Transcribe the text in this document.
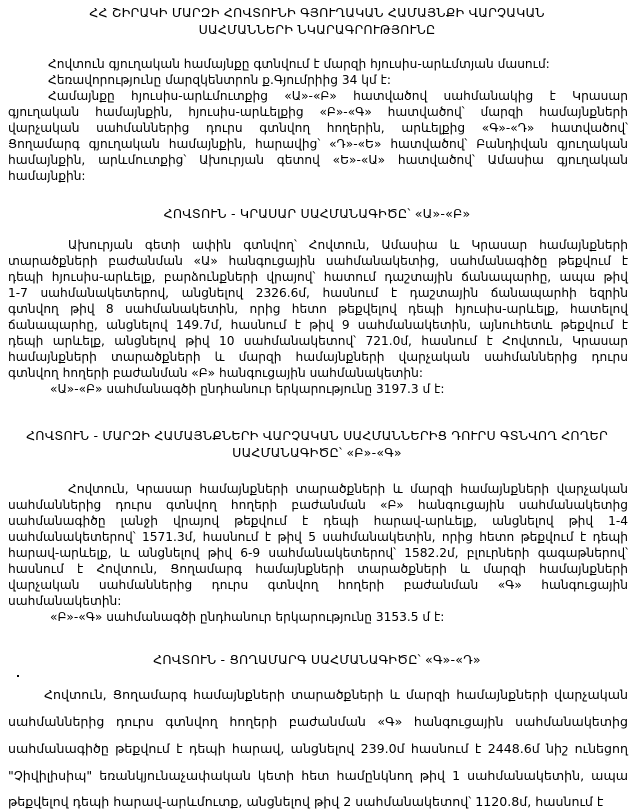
ՀՀ ՇԻՐԱԿԻ ՄԱՐԶԻ ՀՈՎՏՈՒՆԻ ԳՅՈՒՂԱԿԱՆ ՀԱՄԱՅՆՔԻ ՎԱՐՉԱԿԱՆ
ՍԱՀՄԱՆՆԵՐԻ ՆԿԱՐԱԳՐՈՒԹՅՈՒՆԸ
Հովտուն գյուղական համայնքը գտնվում է մարզի հյուսիս-արևմտյան մասում:
Հեռավորությունը մարզկենտրոն ք.Գյումրիից 34 կմ է:
Համայնքը հյուսիս-արևմուտքից «Ա»-«Բ» հատվածով սահմանակից է Կրասար
գյուղական համայնքին, հյուսիս-արևելքից «Բ»-«Գ» հատվածով՝ մարզի համայնքների
վարչական սահմաններից դուրս գտնվող հողերին, արևելքից «Գ»-«Դ» հատվածով՝
Ցողամարգ գյուղական համայնքին, հարավից՝ «Դ»-«Ե» հատվածով՝ Բանդիվան գյուղական
համայնքին, արևմուտքից՝ Ախուրյան գետով «Ե»-«Ա» հատվածով՝ Ամասիա գյուղական
համայնքին:
ՀՈՎՏՈՒՆ - ԿՐԱՍԱՐ ՍԱՀՄԱՆԱԳԻԾԸ՝ «Ա»-«Բ»
Ախուրյան գետի ափին գտնվող՝ Հովտուն, Ամասիա և Կրասար համայնքների
տարածքների բաժանման «Ա» հանգուցային սահմանակետից, սահմանագիծը թեքվում է
դեպի հյուսիս-արևելք, բարձունքների վրայով՝ հատում դաշտային ճանապարհը, ապա թիվ
1-7 սահմանակետերով, անցնելով 2326.6մ, հասնում է դաշտային ճանապարհի եզրին
գտնվող թիվ 8 սահմանակետին, որից հետո թեքվելով դեպի հյուսիս-արևելք, հատելով
ճանապարհը, անցնելով 149.7մ, հասնում է թիվ 9 սահմանակետին, այնուհետև թեքվում է
դեպի արևելք, անցնելով թիվ 10 սահմանակետով՝ 721.0մ, հասնում է Հովտուն, Կրասար
համայնքների տարածքների և մարզի համայնքների վարչական սահմաններից դուրս
գտնվող հողերի բաժանման «Բ» հանգուցային սահմանակետին:
«Ա»-«Բ» սահմանագծի ընդհանուր երկարությունը 3197.3 մ է:
ՀՈՎՏՈՒՆ - ՄԱՐԶԻ ՀԱՄԱՅՆՔՆԵՐԻ ՎԱՐՉԱԿԱՆ ՍԱՀՄԱՆՆԵՐԻՑ ԴՈՒՐՍ ԳՏՆՎՈՂ ՀՈՂԵՐ
ՍԱՀՄԱՆԱԳԻԾԸ՝ «Բ»-«Գ»
Հովտուն, Կրասար համայնքների տարածքների և մարզի համայնքների վարչական
սահմաններից դուրս գտնվող հողերի բաժանման «Բ» հանգուցային սահմանակետից
սահմանագիծը լանջի վրայով թեքվում է դեպի հարավ-արևելք, անցնելով թիվ 1-4
սահմանակետերով՝ 1571.3մ, հասնում է թիվ 5 սահմանակետին, որից հետո թեքվում է դեպի
հարավ-արևելք, և անցնելով թիվ 6-9 սահմանակետերով՝ 1582.2մ, բլուրների գագաթներով՝
հասնում է Հովտուն, Ցողամարգ համայնքների տարածքների և մարզի համայնքների
վարչական սահմաններից դուրս գտնվող հողերի բաժանման «Գ» հանգուցային
սահմանակետին:
«Բ»-«Գ» սահմանագծի ընդհանուր երկարությունը 3153.5 մ է:
ՀՈՎՏՈՒՆ - ՑՈՂԱՄԱՐԳ ՍԱՀՄԱՆԱԳԻԾԸ՝ «Գ»-«Դ»
Հովտուն, Ցողամարգ համայնքների տարածքների և մարզի համայնքների վարչական
սահմաններից դուրս գտնվող հողերի բաժանման «Գ» հանգուցային սահմանակետից
սահմանագիծը թեքվում է դեպի հարավ, անցնելով 239.0մ հասնում է 2448.6մ նիշ ունեցող
"Չիվիլիսիպ" եռանկյունաչափական կետի հետ համընկնող թիվ 1 սահմանակետին, ապա
թեքվելով դեպի հարավ-արևմուտք, անցնելով թիվ 2 սահմանակետով՝ 1120.8մ, հասնում է
